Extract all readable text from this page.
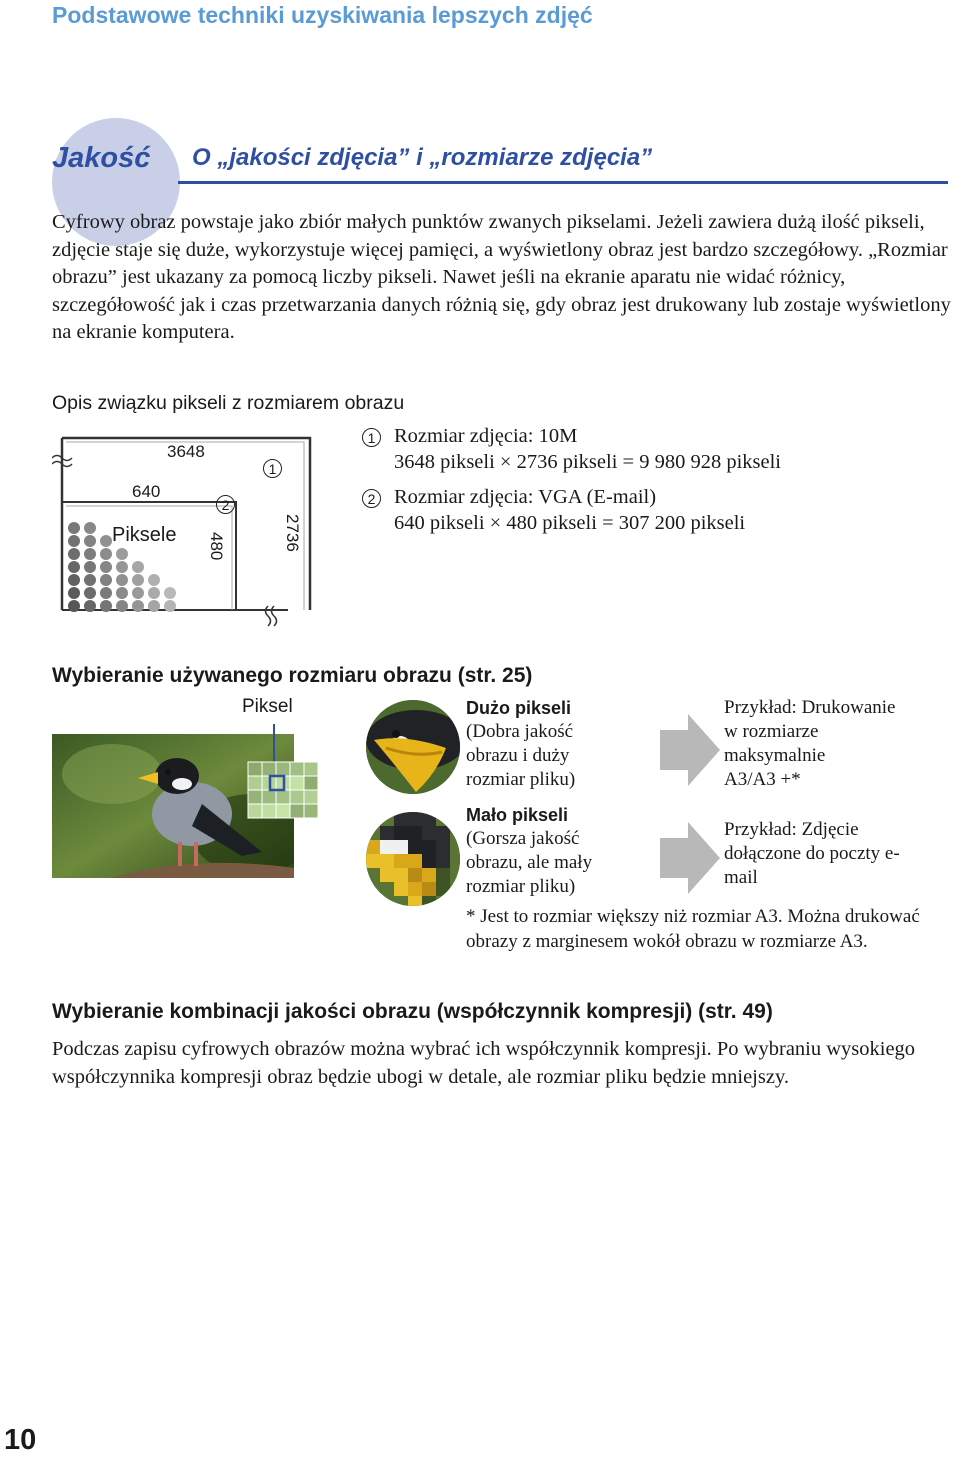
Podstawowe techniki uzyskiwania lepszych zdjęć
Jakość O „jakości zdjęcia” i „rozmiarze zdjęcia”
Cyfrowy obraz powstaje jako zbiór małych punktów zwanych pikselami. Jeżeli zawiera dużą ilość pikseli, zdjęcie staje się duże, wykorzystuje więcej pamięci, a wyświetlony obraz jest bardzo szczegółowy. „Rozmiar obrazu” jest ukazany za pomocą liczby pikseli. Nawet jeśli na ekranie aparatu nie widać różnicy, szczegółowość jak i czas przetwarzania danych różnią się, gdy obraz jest drukowany lub zostaje wyświetlony na ekranie komputera.
Opis związku pikseli z rozmiarem obrazu
3648
640
Piksele 480	2736
1
2
1 Rozmiar zdjęcia: 10M
3648 pikseli × 2736 pikseli = 9 980 928 pikseli
2 Rozmiar zdjęcia: VGA (E-mail)
640 pikseli × 480 pikseli = 307 200 pikseli
Wybieranie używanego rozmiaru obrazu (str. 25)
Piksel	Dużo pikseli
(Dobra jakość
obrazu i duży
rozmiar pliku)
Mało pikseli
(Gorsza jakość
obrazu, ale mały
rozmiar pliku)
Przykład: Drukowanie
w rozmiarze
maksymalnie
A3/A3 +*
Przykład: Zdjęcie
dołączone do poczty e-
mail
* Jest to rozmiar większy niż rozmiar A3. Można drukować obrazy z marginesem wokół obrazu w rozmiarze A3.
Wybieranie kombinacji jakości obrazu (współczynnik kompresji) (str. 49)
Podczas zapisu cyfrowych obrazów można wybrać ich współczynnik kompresji. Po wybraniu wysokiego współczynnika kompresji obraz będzie ubogi w detale, ale rozmiar pliku będzie mniejszy.
10
